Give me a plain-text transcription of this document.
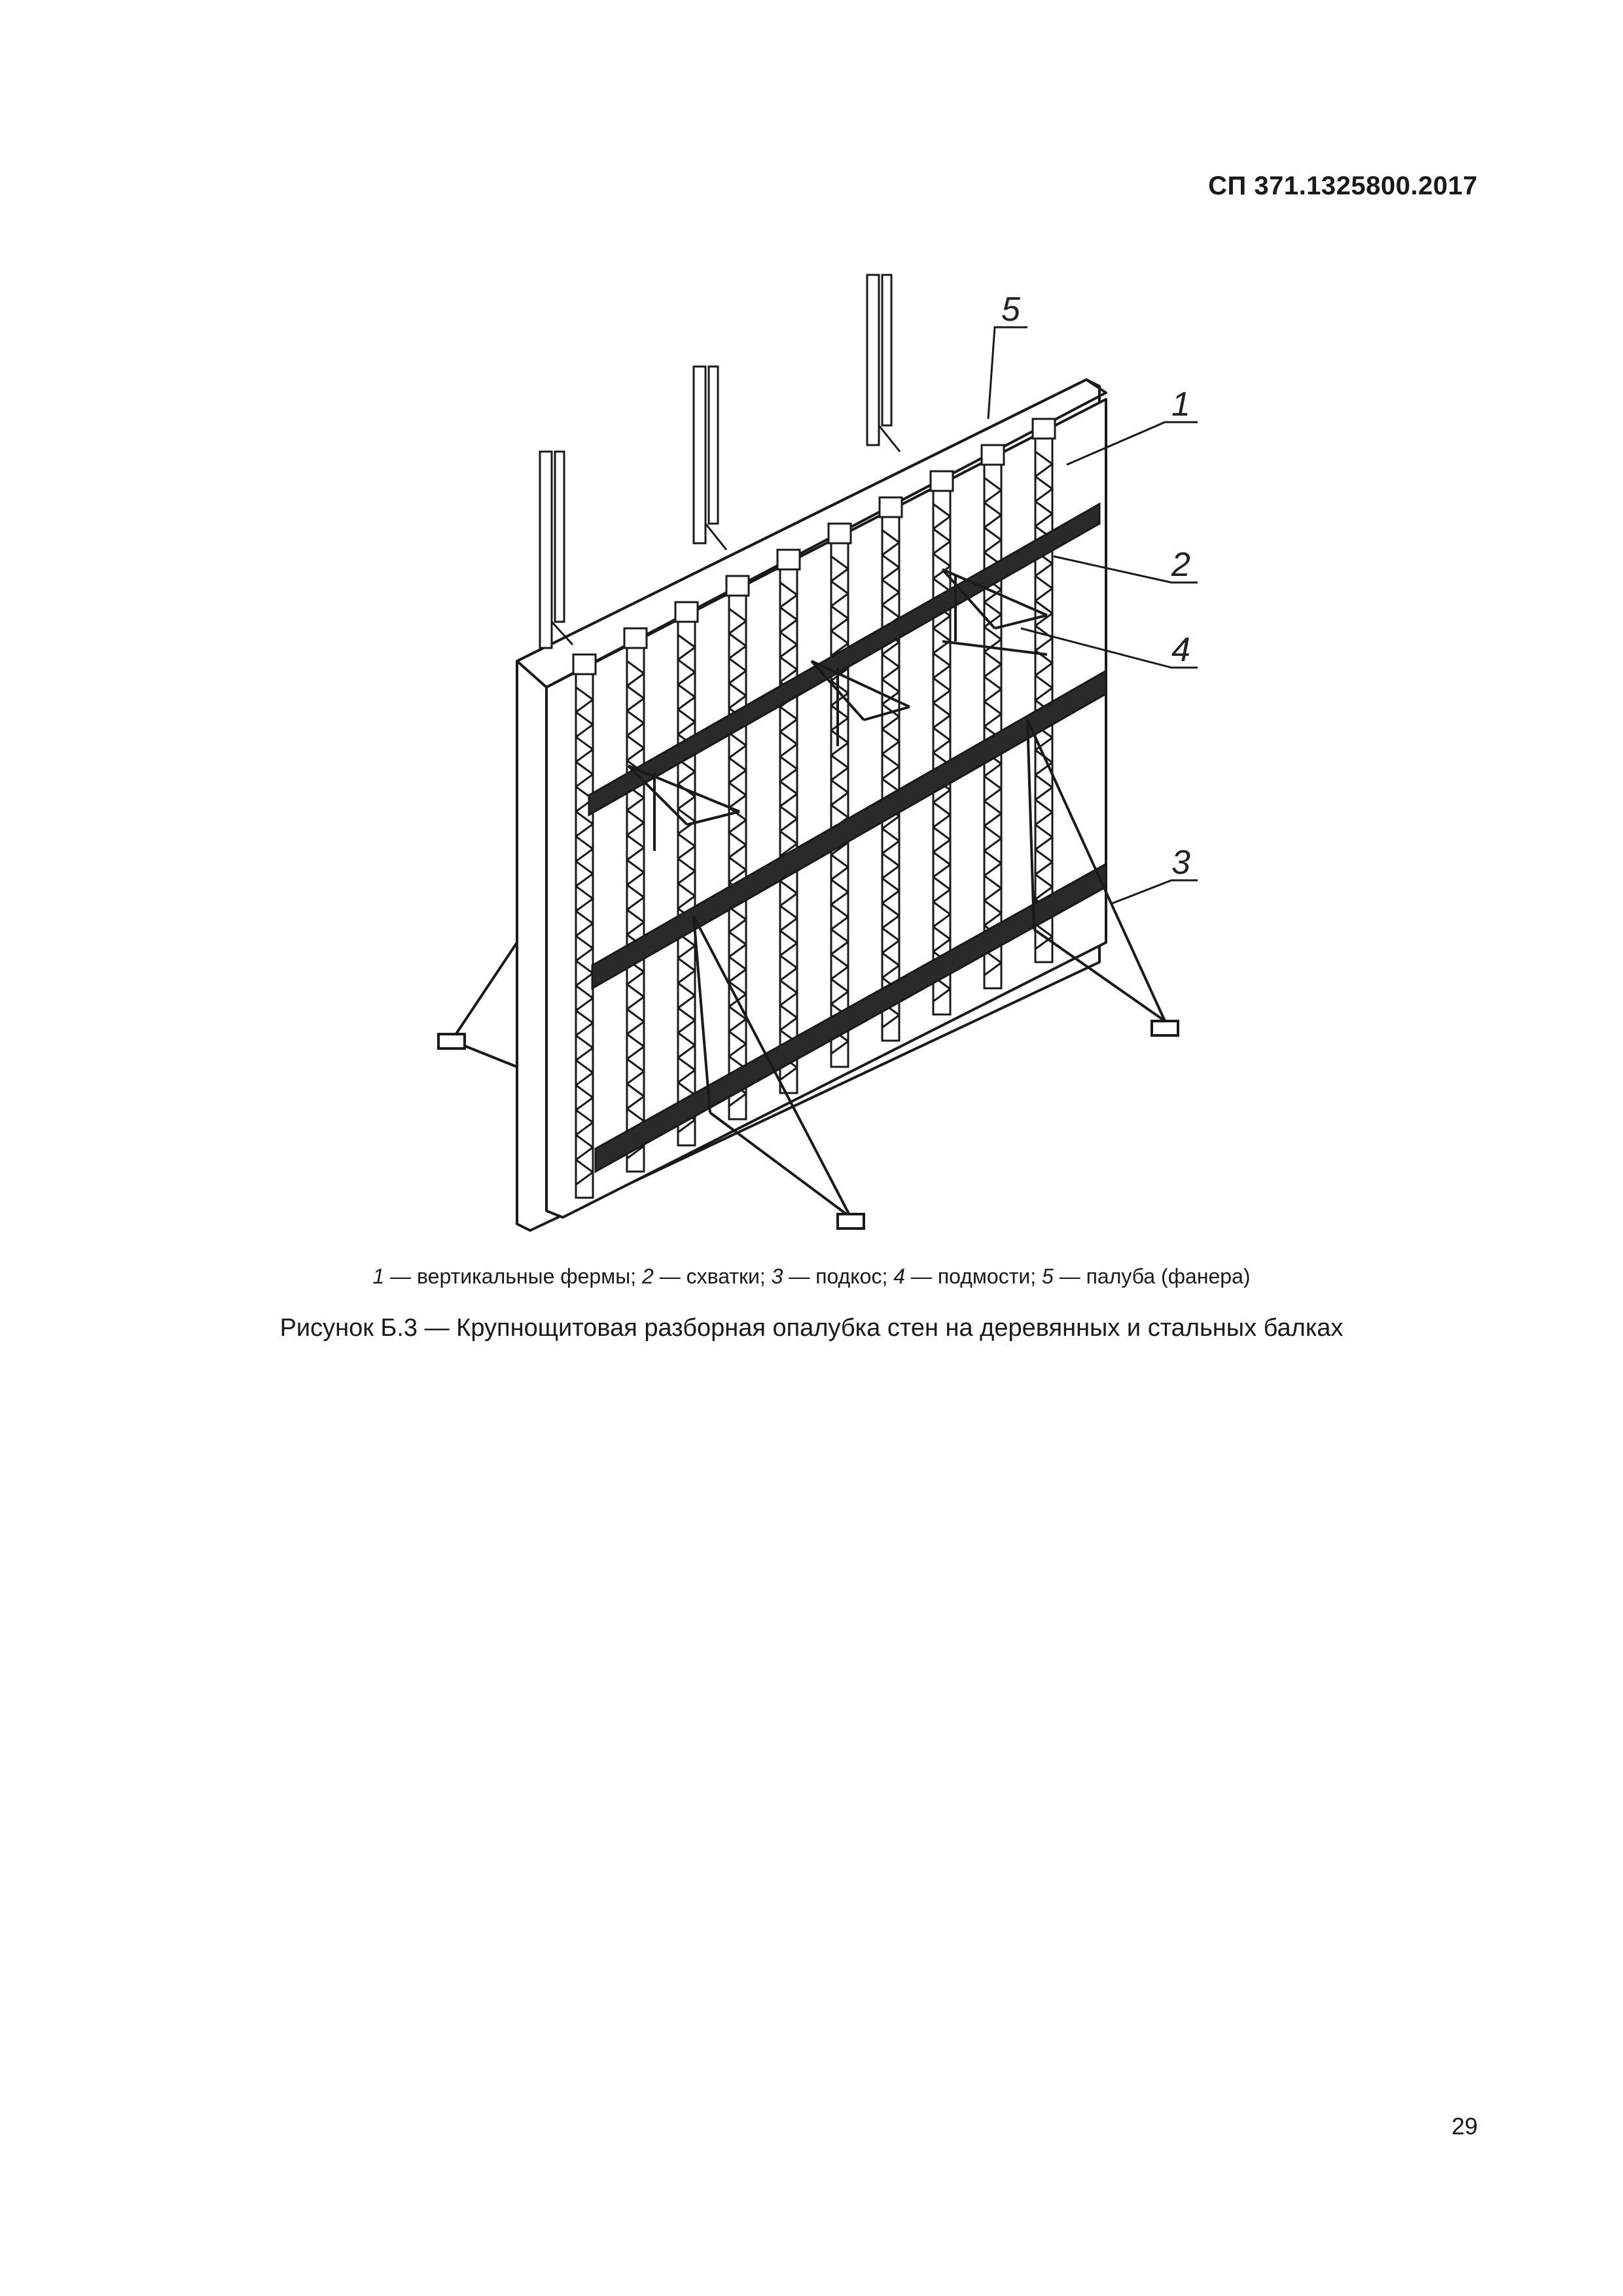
СП 371.1325800.2017
1
2
4
3
5
1 — вертикальные фермы; 2 — схватки; 3 — подкос; 4 — подмости; 5 — палуба (фанера)
Рисунок Б.3 — Крупнощитовая разборная опалубка стен на деревянных и стальных балках
29
